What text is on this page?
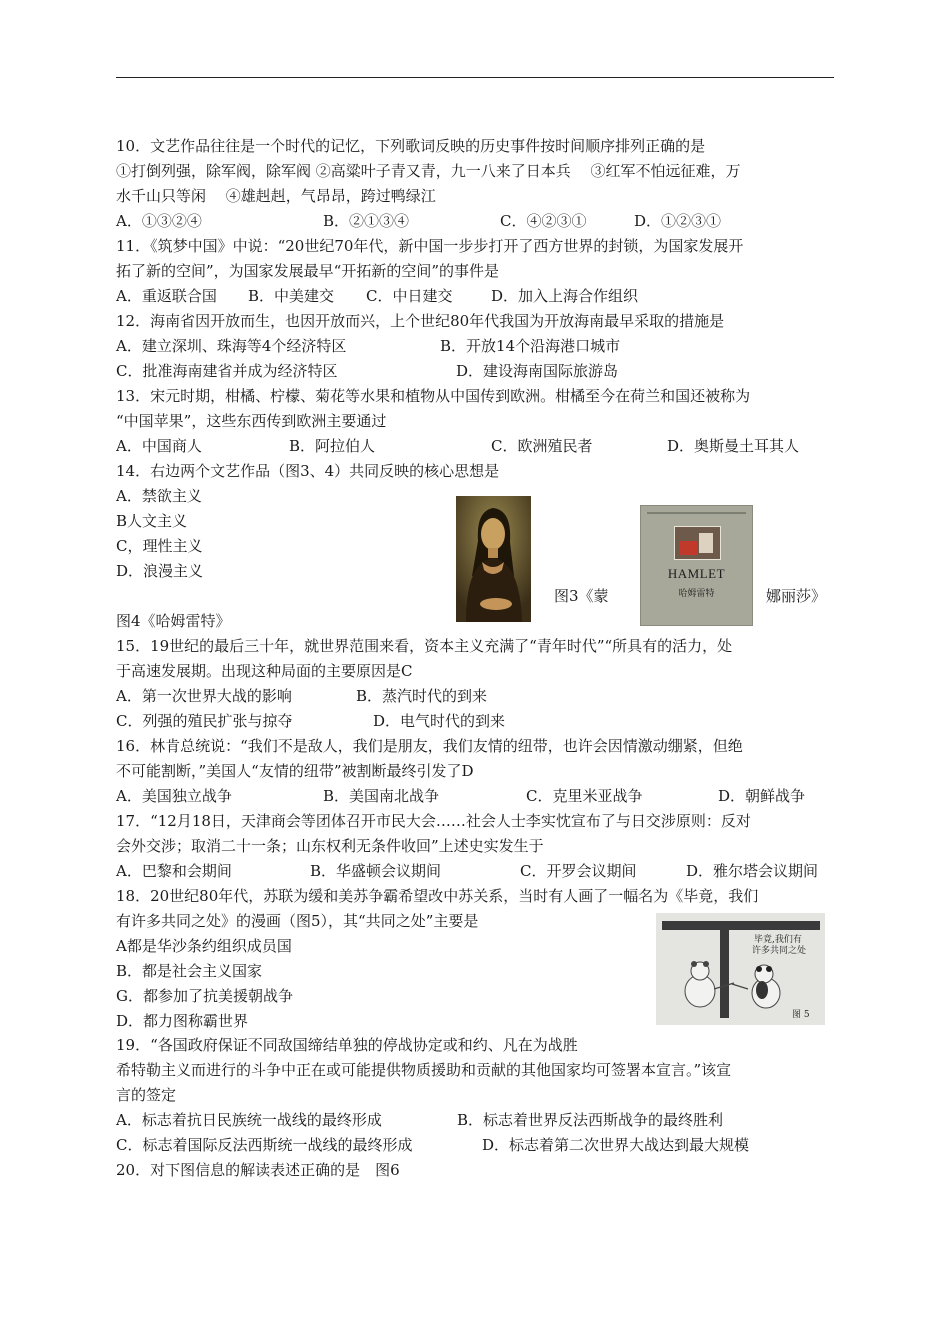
10．文艺作品往往是一个时代的记忆，下列歌词反映的历史事件按时间顺序排列正确的是
①打倒列强，除军阀，除军阀 ②高粱叶子青又青，九一八来了日本兵　 ③红军不怕远征难，万
水千山只等闲　 ④雄赳赳，气昂昂，跨过鸭绿江
A．①③②④	B．②①③④	C．④②③①	D．①②③①
11．《筑梦中国》中说：“20世纪70年代，新中国一步步打开了西方世界的封锁，为国家发展开
拓了新的空间”，为国家发展最早“开拓新的空间”的事件是
A．重返联合国 B．中美建交 C．中日建交	D．加入上海合作组织
12．海南省因开放而生，也因开放而兴，上个世纪80年代我国为开放海南最早采取的措施是
A．建立深圳、珠海等4个经济特区	B．开放14个沿海港口城市
C．批准海南建省并成为经济特区	D．建设海南国际旅游岛
13．宋元时期，柑橘、柠檬、菊花等水果和植物从中国传到欧洲。柑橘至今在荷兰和国还被称为
“中国苹果”，这些东西传到欧洲主要通过
A．中国商人	B．阿拉伯人	C．欧洲殖民者	D．奥斯曼土耳其人
14．右边两个文艺作品（图3、4）共同反映的核心思想是
A．禁欲主义
B人文主义
C，理性主义
D．浪漫主义	HAMLET
哈姆雷特
图3《蒙	娜丽莎》
图4《哈姆雷特》
15．19世纪的最后三十年，就世界范围来看，资本主义充满了“青年时代”“所具有的活力，处
于高速发展期。出现这种局面的主要原因是C
A．第一次世界大战的影响	B．蒸汽时代的到来
C．列强的殖民扩张与掠夺	D．电气时代的到来
16．林肯总统说：“我们不是敌人，我们是朋友，我们友情的纽带，也许会因情激动绷紧，但绝
不可能割断，”美国人“友情的纽带”被割断最终引发了D
A．美国独立战争	B．美国南北战争	C．克里米亚战争	D．朝鲜战争
17．“12月18日，天津商会等团体召开市民大会……社会人士李实忱宣布了与日交涉原则：反对
会外交涉；取消二十一条；山东权利无条件收回”上述史实发生于
A．巴黎和会期间	B．华盛顿会议期间	C．开罗会议期间	D．雅尔塔会议期间
18．20世纪80年代，苏联为缓和美苏争霸希望改中苏关系，当时有人画了一幅名为《毕竟，我们
有许多共同之处》的漫画（图5），其“共同之处”主要是
A都是华沙条约组织成员国
B．都是社会主义国家
G．都参加了抗美援朝战争
D．都力图称霸世界
毕竟,我们有
许多共同之处
图 5
19．“各国政府保证不同敌国缔结单独的停战协定或和约、凡在为战胜
希特勒主义而进行的斗争中正在或可能提供物质援助和贡献的其他国家均可签署本宣言。”该宣
言的签定
A．标志着抗日民族统一战线的最终形成	B．标志着世界反法西斯战争的最终胜利
C．标志着国际反法西斯统一战线的最终形成	D．标志着第二次世界大战达到最大规模
20．对下图信息的解读表述正确的是　图6
